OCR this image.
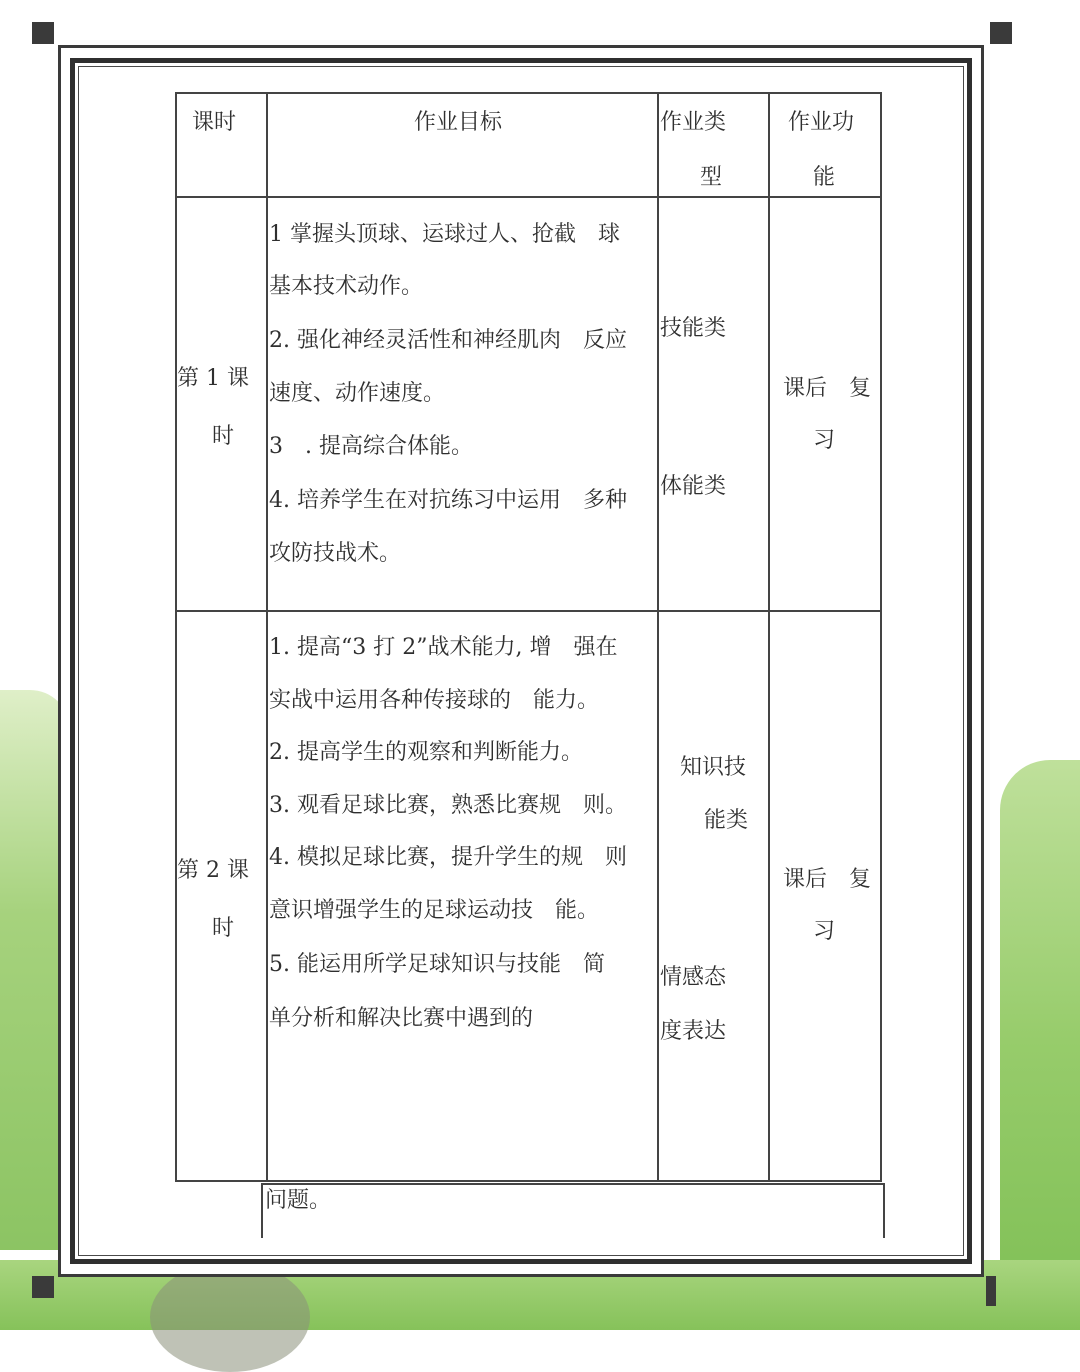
课时	作业目标	作业类
型
作业功
能
第 1 课
时
1 掌握头顶球、运球过人、抢截　球
基本技术动作。
2. 强化神经灵活性和神经肌肉　反应
速度、动作速度。
3　. 提高综合体能。
4. 培养学生在对抗练习中运用　多种
攻防技战术。
技能类
体能类
课后　复
习
第 2 课
时
1. 提高“3 打 2”战术能力, 增　强在
实战中运用各种传接球的　能力。
2. 提高学生的观察和判断能力。
3. 观看足球比赛，熟悉比赛规　则。
4. 模拟足球比赛，提升学生的规　则
意识增强学生的足球运动技　能。
5. 能运用所学足球知识与技能　简
单分析和解决比赛中遇到的
知识技
能类
情感态
度表达
课后　复
习
问题。
